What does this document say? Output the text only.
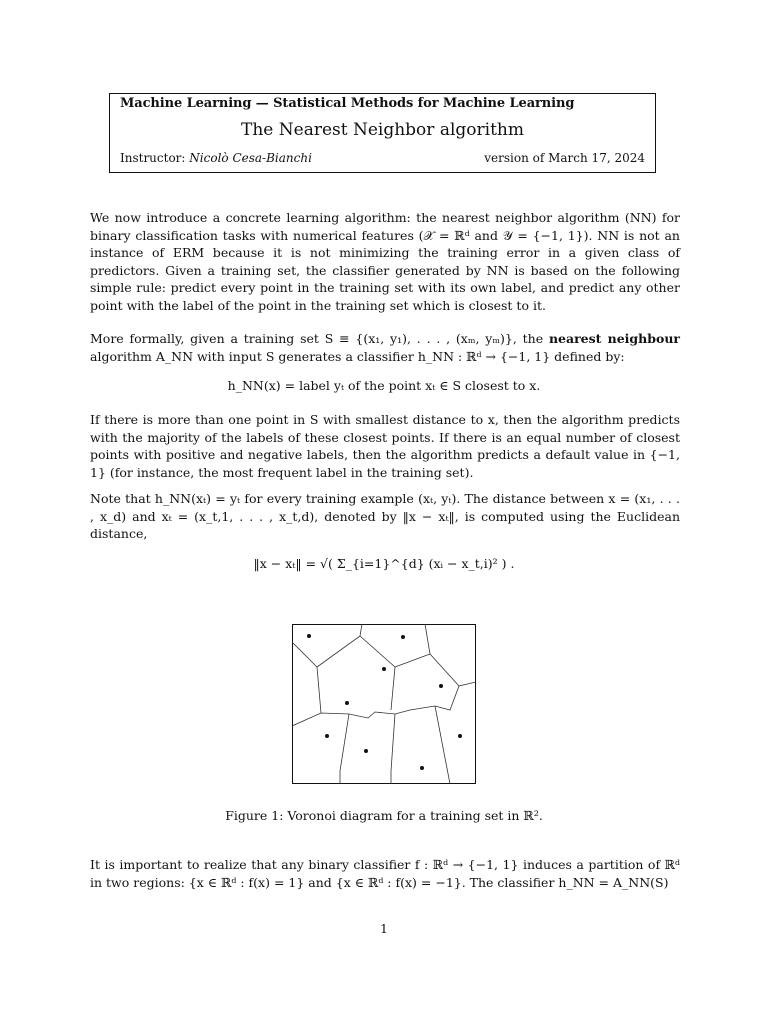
Machine Learning — Statistical Methods for Machine Learning
The Nearest Neighbor algorithm
Instructor: Nicolò Cesa-Bianchi	version of March 17, 2024

We now introduce a concrete learning algorithm: the nearest neighbor algorithm (NN) for binary classification tasks with numerical features (𝒳 = ℝᵈ and 𝒴 = {−1, 1}). NN is not an instance of ERM because it is not minimizing the training error in a given class of predictors. Given a training set, the classifier generated by NN is based on the following simple rule: predict every point in the training set with its own label, and predict any other point with the label of the point in the training set which is closest to it.

More formally, given a training set S ≡ {(x₁, y₁), . . . , (xₘ, yₘ)}, the nearest neighbour algorithm A_NN with input S generates a classifier h_NN : ℝᵈ → {−1, 1} defined by:

h_NN(x) = label yₜ of the point xₜ ∈ S closest to x.

If there is more than one point in S with smallest distance to x, then the algorithm predicts with the majority of the labels of these closest points. If there is an equal number of closest points with positive and negative labels, then the algorithm predicts a default value in {−1, 1} (for instance, the most frequent label in the training set).

Note that h_NN(xₜ) = yₜ for every training example (xₜ, yₜ). The distance between x = (x₁, . . . , x_d) and xₜ = (x_t,1, . . . , x_t,d), denoted by ‖x − xₜ‖, is computed using the Euclidean distance,

‖x − xₜ‖ = √( Σ_{i=1}^{d} (xᵢ − x_t,i)² ) .
Figure 1: Voronoi diagram for a training set in ℝ².

It is important to realize that any binary classifier f : ℝᵈ → {−1, 1} induces a partition of ℝᵈ in two regions: {x ∈ ℝᵈ : f(x) = 1} and {x ∈ ℝᵈ : f(x) = −1}. The classifier h_NN = A_NN(S)

1
